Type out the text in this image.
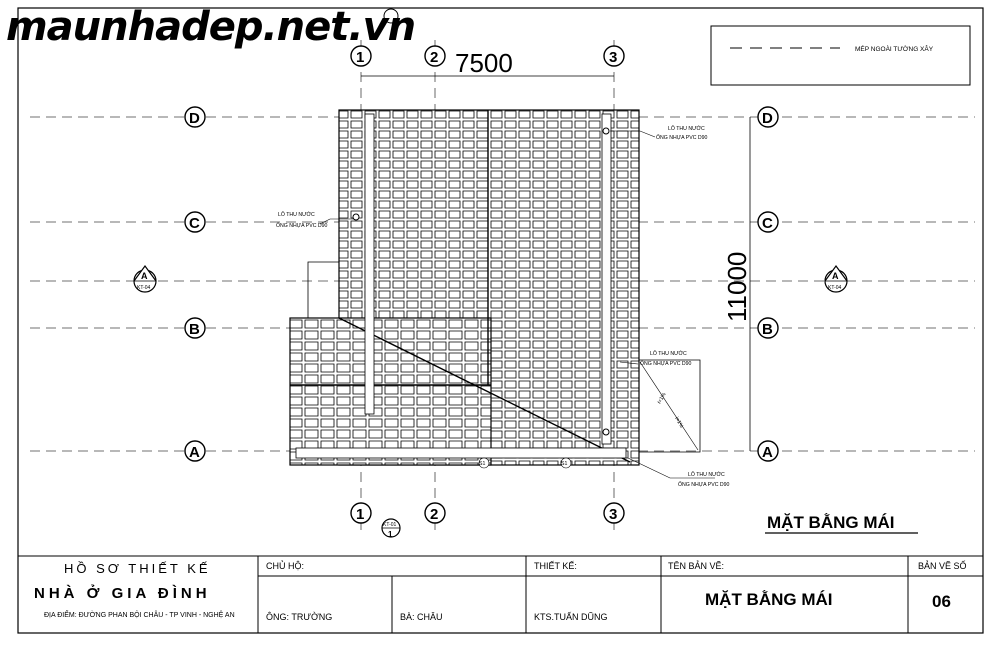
MÉP NGOÀI TƯỜNG XÂY
7500
11000
LỖ THU NƯỚC
ỐNG NHỰA PVC D90
LỖ THU NƯỚC
ỐNG NHỰA PVC D90
LỖ THU NƯỚC
ỐNG NHỰA PVC D90
LỖ THU NƯỚC
ỐNG NHỰA PVC D90
i=1%
i=1%
S1	S1
1	2	3
1	2	3
D
C
B
A
D
C
B
A
A
KT-04
A
KT-04
KT-01
1
MẶT BẰNG MÁI
maunhadep.net.vn
HỒ SƠ THIẾT KẾ
NHÀ Ở GIA ĐÌNH
ĐỊA ĐIỂM: ĐƯỜNG PHAN BỘI CHÂU - TP VINH - NGHỆ AN
CHỦ HỘ:
ÔNG: TRƯỜNG	BÀ: CHÂU
THIẾT KẾ:
KTS.TUẤN DŨNG
TÊN BẢN VẼ:
MẶT BẰNG MÁI
BẢN VẼ SỐ
06
